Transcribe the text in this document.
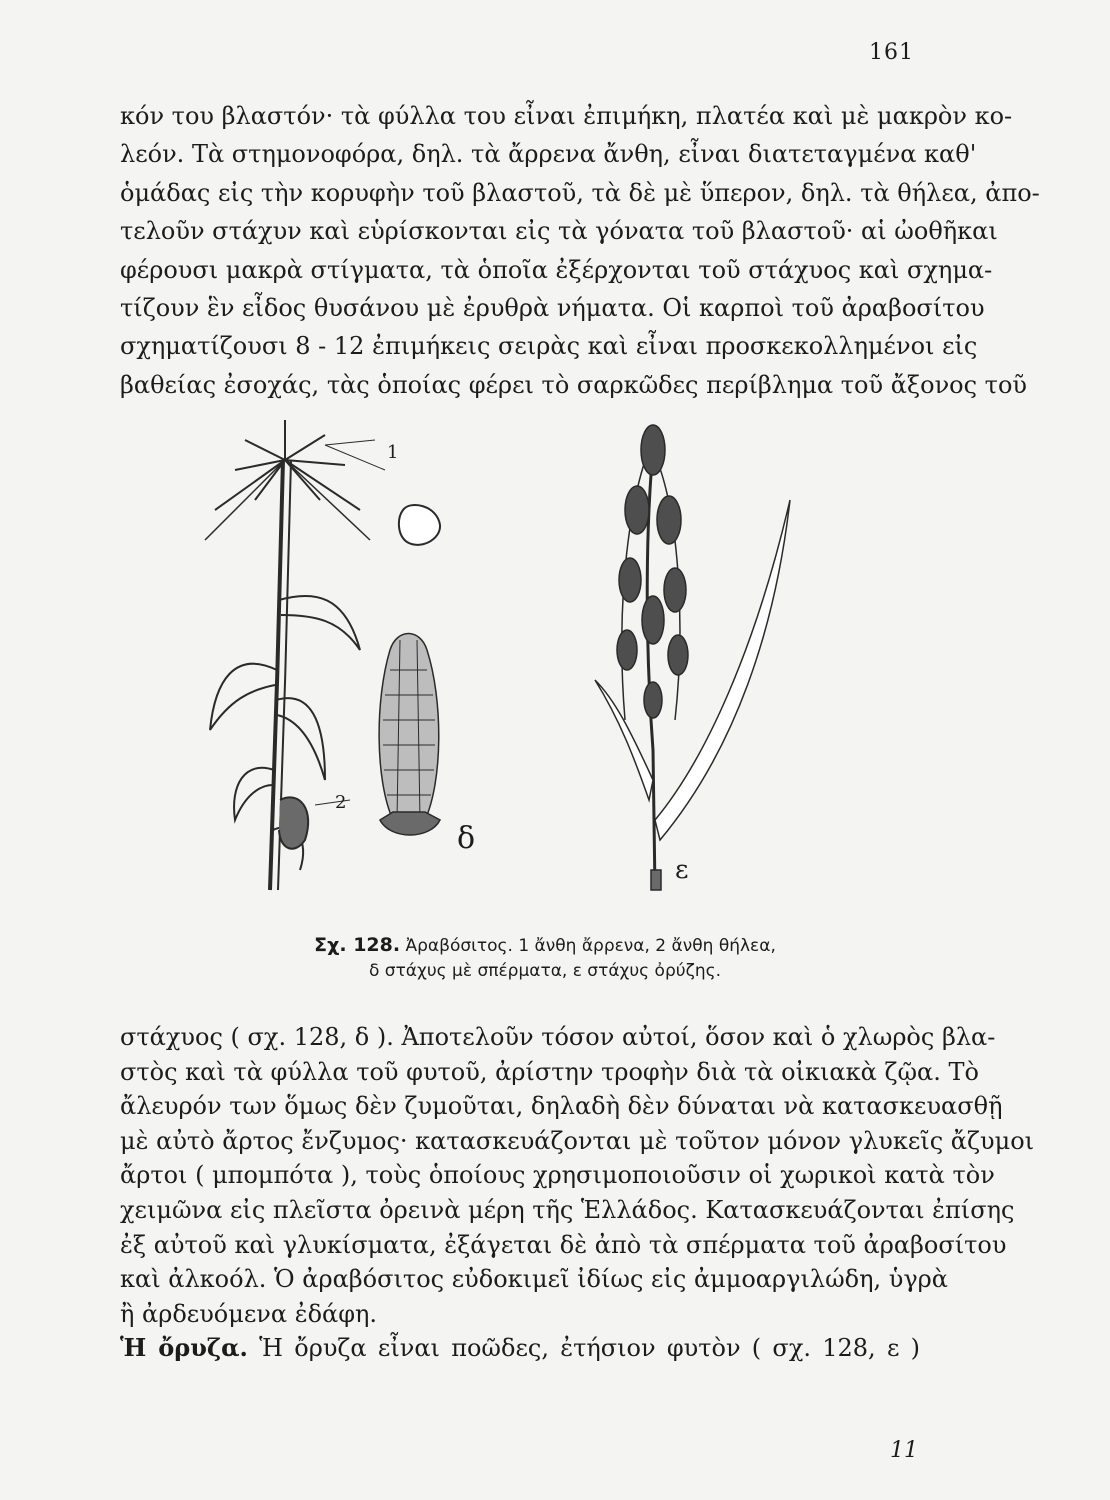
161
κόν του βλαστόν· τὰ φύλλα του εἶναι ἐπιμήκη, πλατέα καὶ μὲ μακρὸν κο-
λεόν. Τὰ στημονοφόρα, δηλ. τὰ ἄρρενα ἄνθη, εἶναι διατεταγμένα καθ'
ὁμάδας εἰς τὴν κορυφὴν τοῦ βλαστοῦ, τὰ δὲ μὲ ὕπερον, δηλ. τὰ θήλεα, ἀπο-
τελοῦν στάχυν καὶ εὑρίσκονται εἰς τὰ γόνατα τοῦ βλαστοῦ· αἱ ὠοθῆκαι
φέρουσι μακρὰ στίγματα, τὰ ὁποῖα ἐξέρχονται τοῦ στάχυος καὶ σχημα-
τίζουν ἓν εἶδος θυσάνου μὲ ἐρυθρὰ νήματα. Οἱ καρποὶ τοῦ ἀραβοσίτου
σχηματίζουσι 8 - 12 ἐπιμήκεις σειρὰς καὶ εἶναι προσκεκολλημένοι εἰς
βαθείας ἐσοχάς, τὰς ὁποίας φέρει τὸ σαρκῶδες περίβλημα τοῦ ἄξονος τοῦ
1
2
δ
ε
Σχ. 128. Ἀραβόσιτος. 1 ἄνθη ἄρρενα, 2 ἄνθη θήλεα,
δ στάχυς μὲ σπέρματα, ε στάχυς ὀρύζης.
στάχυος ( σχ. 128, δ ). Ἀποτελοῦν τόσον αὐτοί, ὅσον καὶ ὁ χλωρὸς βλα-
στὸς καὶ τὰ φύλλα τοῦ φυτοῦ, ἀρίστην τροφὴν διὰ τὰ οἰκιακὰ ζῷα. Τὸ
ἄλευρόν των ὅμως δὲν ζυμοῦται, δηλαδὴ δὲν δύναται νὰ κατασκευασθῇ
μὲ αὐτὸ ἄρτος ἔνζυμος· κατασκευάζονται μὲ τοῦτον μόνον γλυκεῖς ἄζυμοι
ἄρτοι ( μπομπότα ), τοὺς ὁποίους χρησιμοποιοῦσιν οἱ χωρικοὶ κατὰ τὸν
χειμῶνα εἰς πλεῖστα ὀρεινὰ μέρη τῆς Ἑλλάδος. Κατασκευάζονται ἐπίσης
ἐξ αὐτοῦ καὶ γλυκίσματα, ἐξάγεται δὲ ἀπὸ τὰ σπέρματα τοῦ ἀραβοσίτου
καὶ ἀλκοόλ. Ὁ ἀραβόσιτος εὐδοκιμεῖ ἰδίως εἰς ἀμμοαργιλώδη, ὑγρὰ
ἢ ἀρδευόμενα ἐδάφη.
Ἡ ὄρυζα. Ἡ ὄρυζα εἶναι ποῶδες, ἐτήσιον φυτὸν ( σχ. 128, ε )
11
